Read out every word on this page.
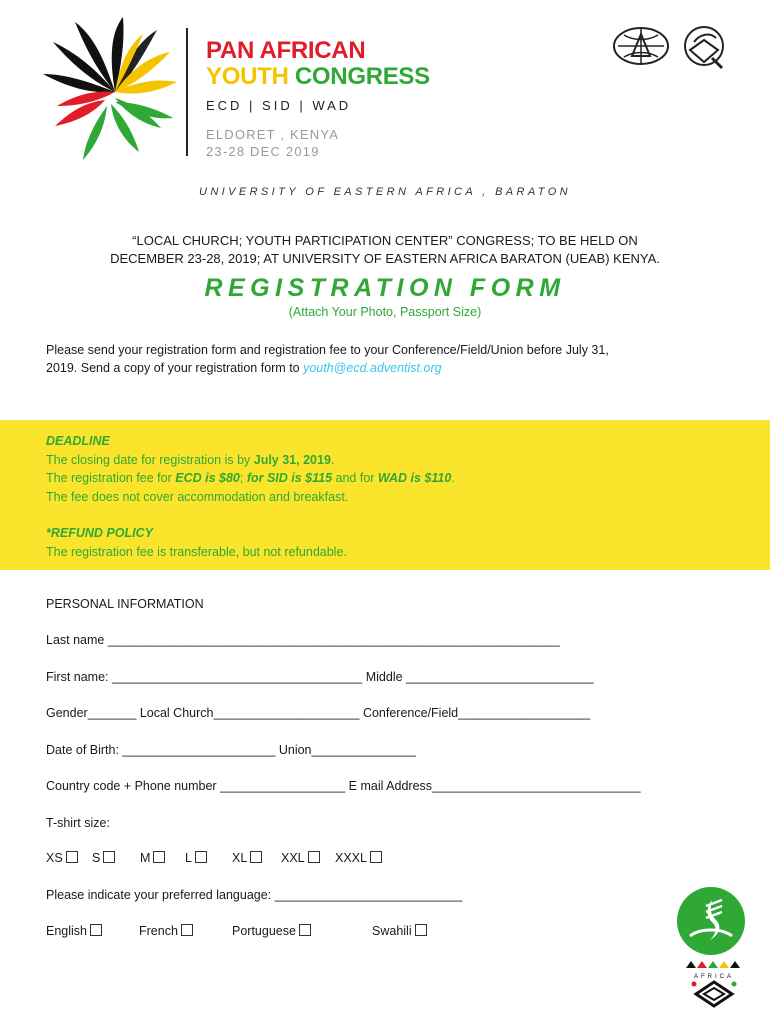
PAN AFRICAN
YOUTH CONGRESS
ECD | SID | WAD
ELDORET , KENYA
23-28 DEC 2019
UNIVERSITY OF EASTERN AFRICA , BARATON
“LOCAL CHURCH; YOUTH PARTICIPATION CENTER” CONGRESS; TO BE HELD ON
DECEMBER 23-28, 2019; AT UNIVERSITY OF EASTERN AFRICA BARATON (UEAB) KENYA.
REGISTRATION FORM
(Attach Your Photo, Passport Size)
Please send your registration form and registration fee to your Conference/Field/Union before July 31,
2019. Send a copy of your registration form to youth@ecd.adventist.org
DEADLINE
The closing date for registration is by July 31, 2019.
The registration fee for ECD is $80; for SID is $115 and for WAD is $110.
The fee does not cover accommodation and breakfast.
*REFUND POLICY
The registration fee is transferable, but not refundable.
PERSONAL INFORMATION
Last name _________________________________________________________________
First name: ____________________________________ Middle ___________________________
Gender_______ Local Church_____________________ Conference/Field___________________
Date of Birth: ______________________ Union_______________
Country code + Phone number __________________ E mail Address______________________________
T-shirt size:
XS	S	M	L	XL	XXL	XXXL
Please indicate your preferred language: ___________________________
English	French	Portuguese	Swahili
AFRICA
